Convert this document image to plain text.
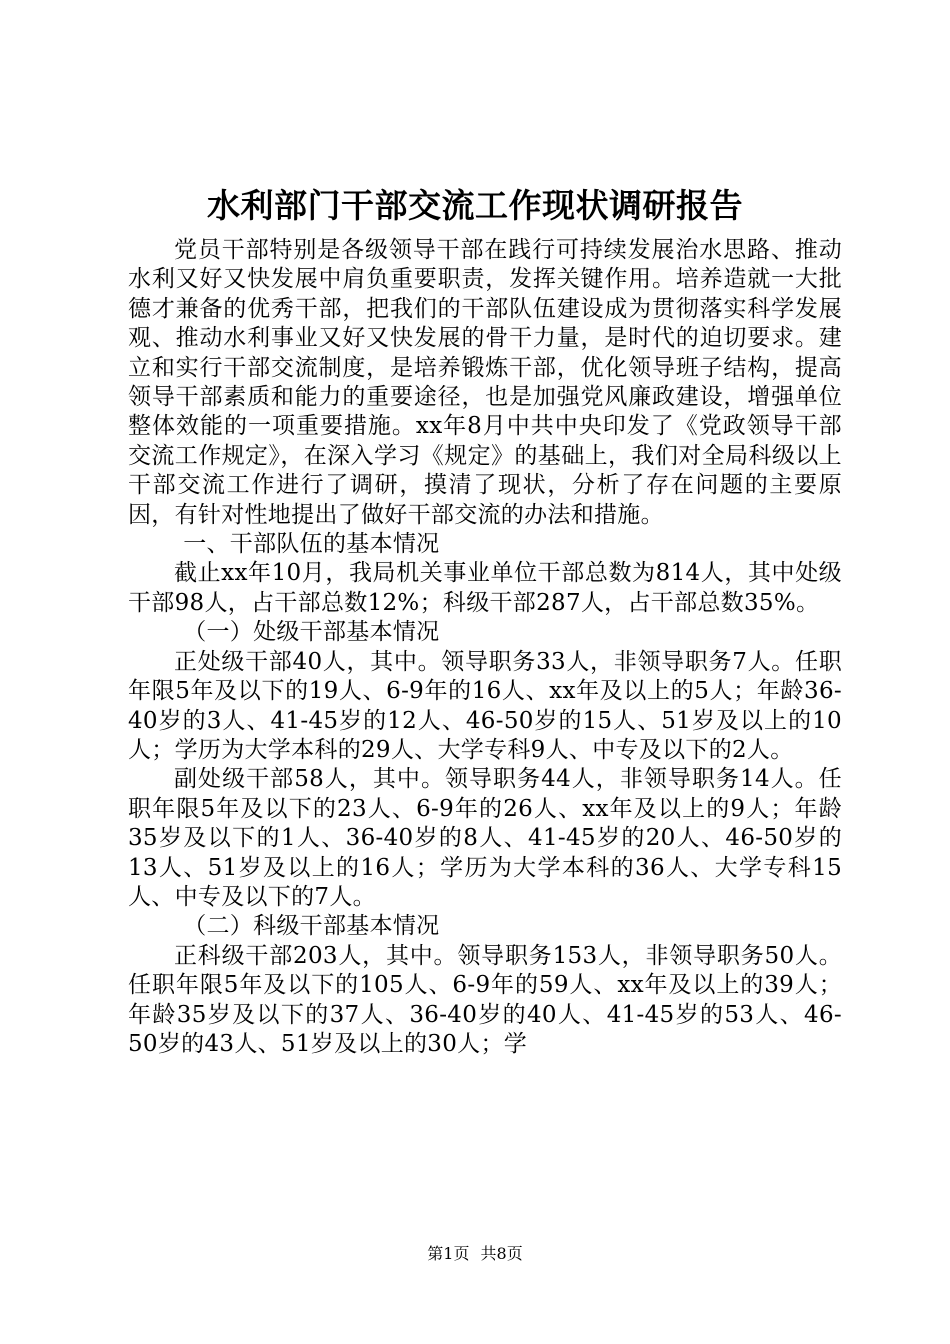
水利部门干部交流工作现状调研报告

党员干部特别是各级领导干部在践行可持续发展治水思路、推动水利又好又快发展中肩负重要职责，发挥关键作用。培养造就一大批德才兼备的优秀干部，把我们的干部队伍建设成为贯彻落实科学发展观、推动水利事业又好又快发展的骨干力量，是时代的迫切要求。建立和实行干部交流制度，是培养锻炼干部，优化领导班子结构，提高领导干部素质和能力的重要途径，也是加强党风廉政建设，增强单位整体效能的一项重要措施。xx年8月中共中央印发了《党政领导干部交流工作规定》，在深入学习《规定》的基础上，我们对全局科级以上干部交流工作进行了调研，摸清了现状，分析了存在问题的主要原因，有针对性地提出了做好干部交流的办法和措施。

一、干部队伍的基本情况

截止xx年10月，我局机关事业单位干部总数为814人，其中处级干部98人，占干部总数12%；科级干部287人，占干部总数35%。

（一）处级干部基本情况

正处级干部40人，其中。领导职务33人，非领导职务7人。任职年限5年及以下的19人、6-9年的16人、xx年及以上的5人；年龄36-40岁的3人、41-45岁的12人、46-50岁的15人、51岁及以上的10人；学历为大学本科的29人、大学专科9人、中专及以下的2人。

副处级干部58人，其中。领导职务44人，非领导职务14人。任职年限5年及以下的23人、6-9年的26人、xx年及以上的9人；年龄35岁及以下的1人、36-40岁的8人、41-45岁的20人、46-50岁的13人、51岁及以上的16人；学历为大学本科的36人、大学专科15人、中专及以下的7人。

（二）科级干部基本情况

正科级干部203人，其中。领导职务153人，非领导职务50人。任职年限5年及以下的105人、6-9年的59人、xx年及以上的39人；年龄35岁及以下的37人、36-40岁的40人、41-45岁的53人、46-50岁的43人、51岁及以上的30人；学

第1页 共8页
